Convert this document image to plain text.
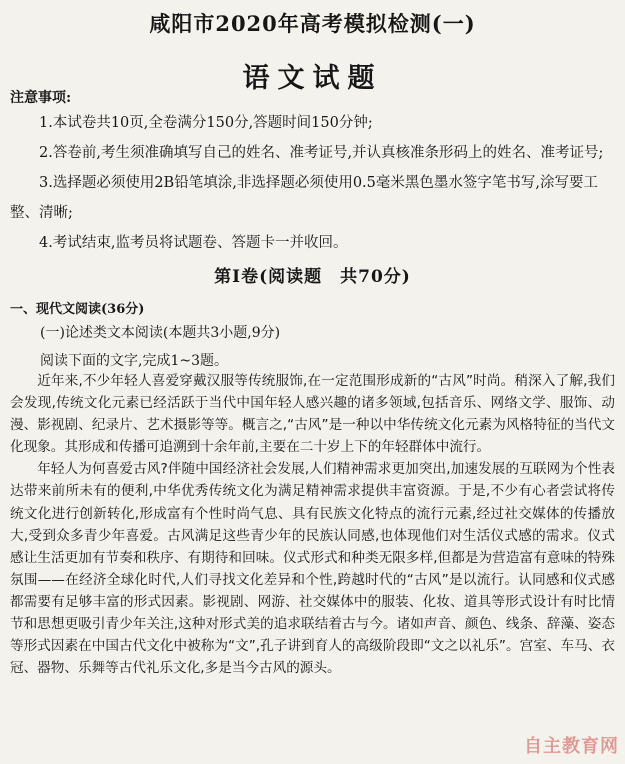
咸阳市2020年高考模拟检测(一)
语文试题
注意事项:
1.本试卷共10页,全卷满分150分,答题时间150分钟;
2.答卷前,考生须准确填写自己的姓名、准考证号,并认真核准条形码上的姓名、准考证号;
3.选择题必须使用2B铅笔填涂,非选择题必须使用0.5毫米黑色墨水签字笔书写,涂写要工整、清晰;
4.考试结束,监考员将试题卷、答题卡一并收回。
第Ⅰ卷(阅读题　共70分)
一、现代文阅读(36分)
(一)论述类文本阅读(本题共3小题,9分)
阅读下面的文字,完成1~3题。

近年来,不少年轻人喜爱穿戴汉服等传统服饰,在一定范围形成新的“古风”时尚。稍深入了解,我们会发现,传统文化元素已经活跃于当代中国年轻人感兴趣的诸多领域,包括音乐、网络文学、服饰、动漫、影视剧、纪录片、艺术摄影等等。概言之,“古风”是一种以中华传统文化元素为风格特征的当代文化现象。其形成和传播可追溯到十余年前,主要在二十岁上下的年轻群体中流行。

年轻人为何喜爱古风?伴随中国经济社会发展,人们精神需求更加突出,加速发展的互联网为个性表达带来前所未有的便利,中华优秀传统文化为满足精神需求提供丰富资源。于是,不少有心者尝试将传统文化进行创新转化,形成富有个性时尚气息、具有民族文化特点的流行元素,经过社交媒体的传播放大,受到众多青少年喜爱。古风满足这些青少年的民族认同感,也体现他们对生活仪式感的需求。仪式感让生活更加有节奏和秩序、有期待和回味。仪式形式和种类无限多样,但都是为营造富有意味的特殊氛围——在经济全球化时代,人们寻找文化差异和个性,跨越时代的“古风”是以流行。认同感和仪式感都需要有足够丰富的形式因素。影视剧、网游、社交媒体中的服装、化妆、道具等形式设计有时比情节和思想更吸引青少年关注,这种对形式美的追求联结着古与今。诸如声音、颜色、线条、辞藻、姿态等形式因素在中国古代文化中被称为“文”,孔子讲到育人的高级阶段即“文之以礼乐”。宫室、车马、衣冠、器物、乐舞等古代礼乐文化,多是当今古风的源头。

自主教育网
